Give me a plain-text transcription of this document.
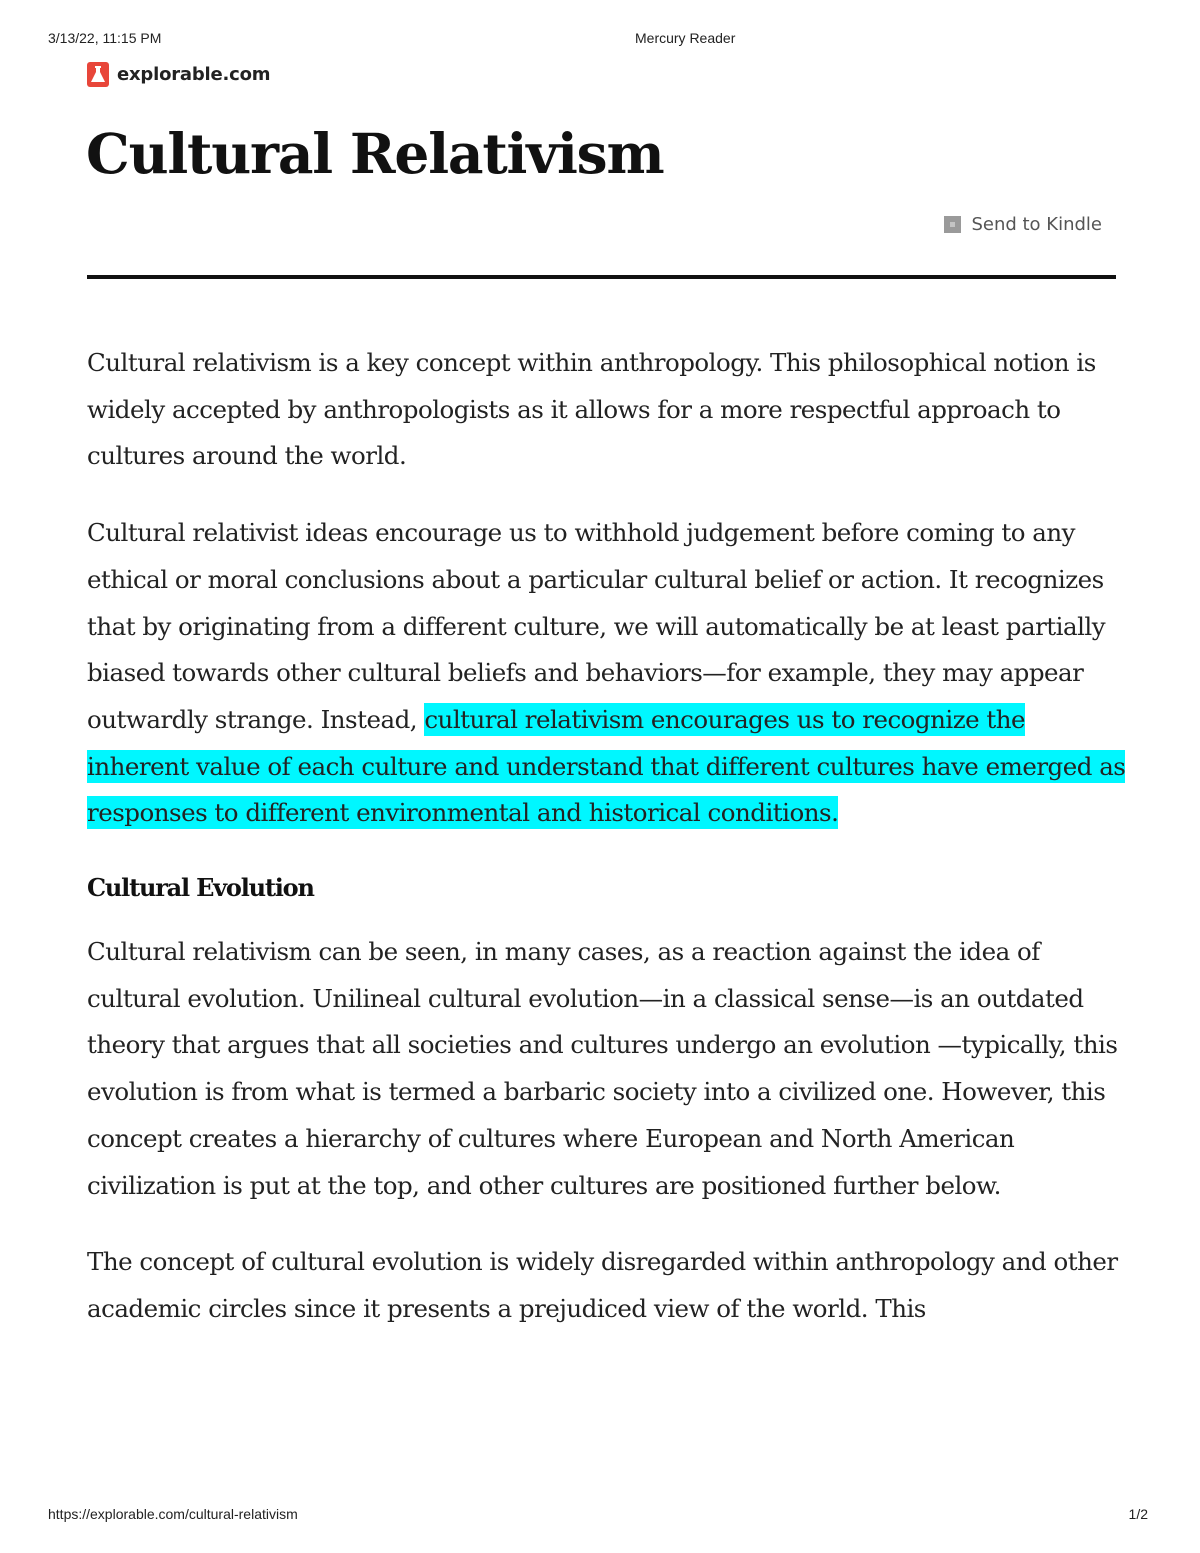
3/13/22, 11:15 PM	Mercury Reader
explorable.com
Cultural Relativism
Send to Kindle

Cultural relativism is a key concept within anthropology. This philosophical notion is widely accepted by anthropologists as it allows for a more respectful approach to cultures around the world.

Cultural relativist ideas encourage us to withhold judgement before coming to any ethical or moral conclusions about a particular cultural belief or action. It recognizes that by originating from a different culture, we will automatically be at least partially biased towards other cultural beliefs and behaviors—for example, they may appear outwardly strange. Instead, cultural relativism encourages us to recognize the inherent value of each culture and understand that different cultures have emerged as responses to different environmental and historical conditions.

Cultural Evolution

Cultural relativism can be seen, in many cases, as a reaction against the idea of cultural evolution. Unilineal cultural evolution—in a classical sense—is an outdated theory that argues that all societies and cultures undergo an evolution —typically, this evolution is from what is termed a barbaric society into a civilized one. However, this concept creates a hierarchy of cultures where European and North American civilization is put at the top, and other cultures are positioned further below.

The concept of cultural evolution is widely disregarded within anthropology and other academic circles since it presents a prejudiced view of the world. This

https://explorable.com/cultural-relativism	1/2
